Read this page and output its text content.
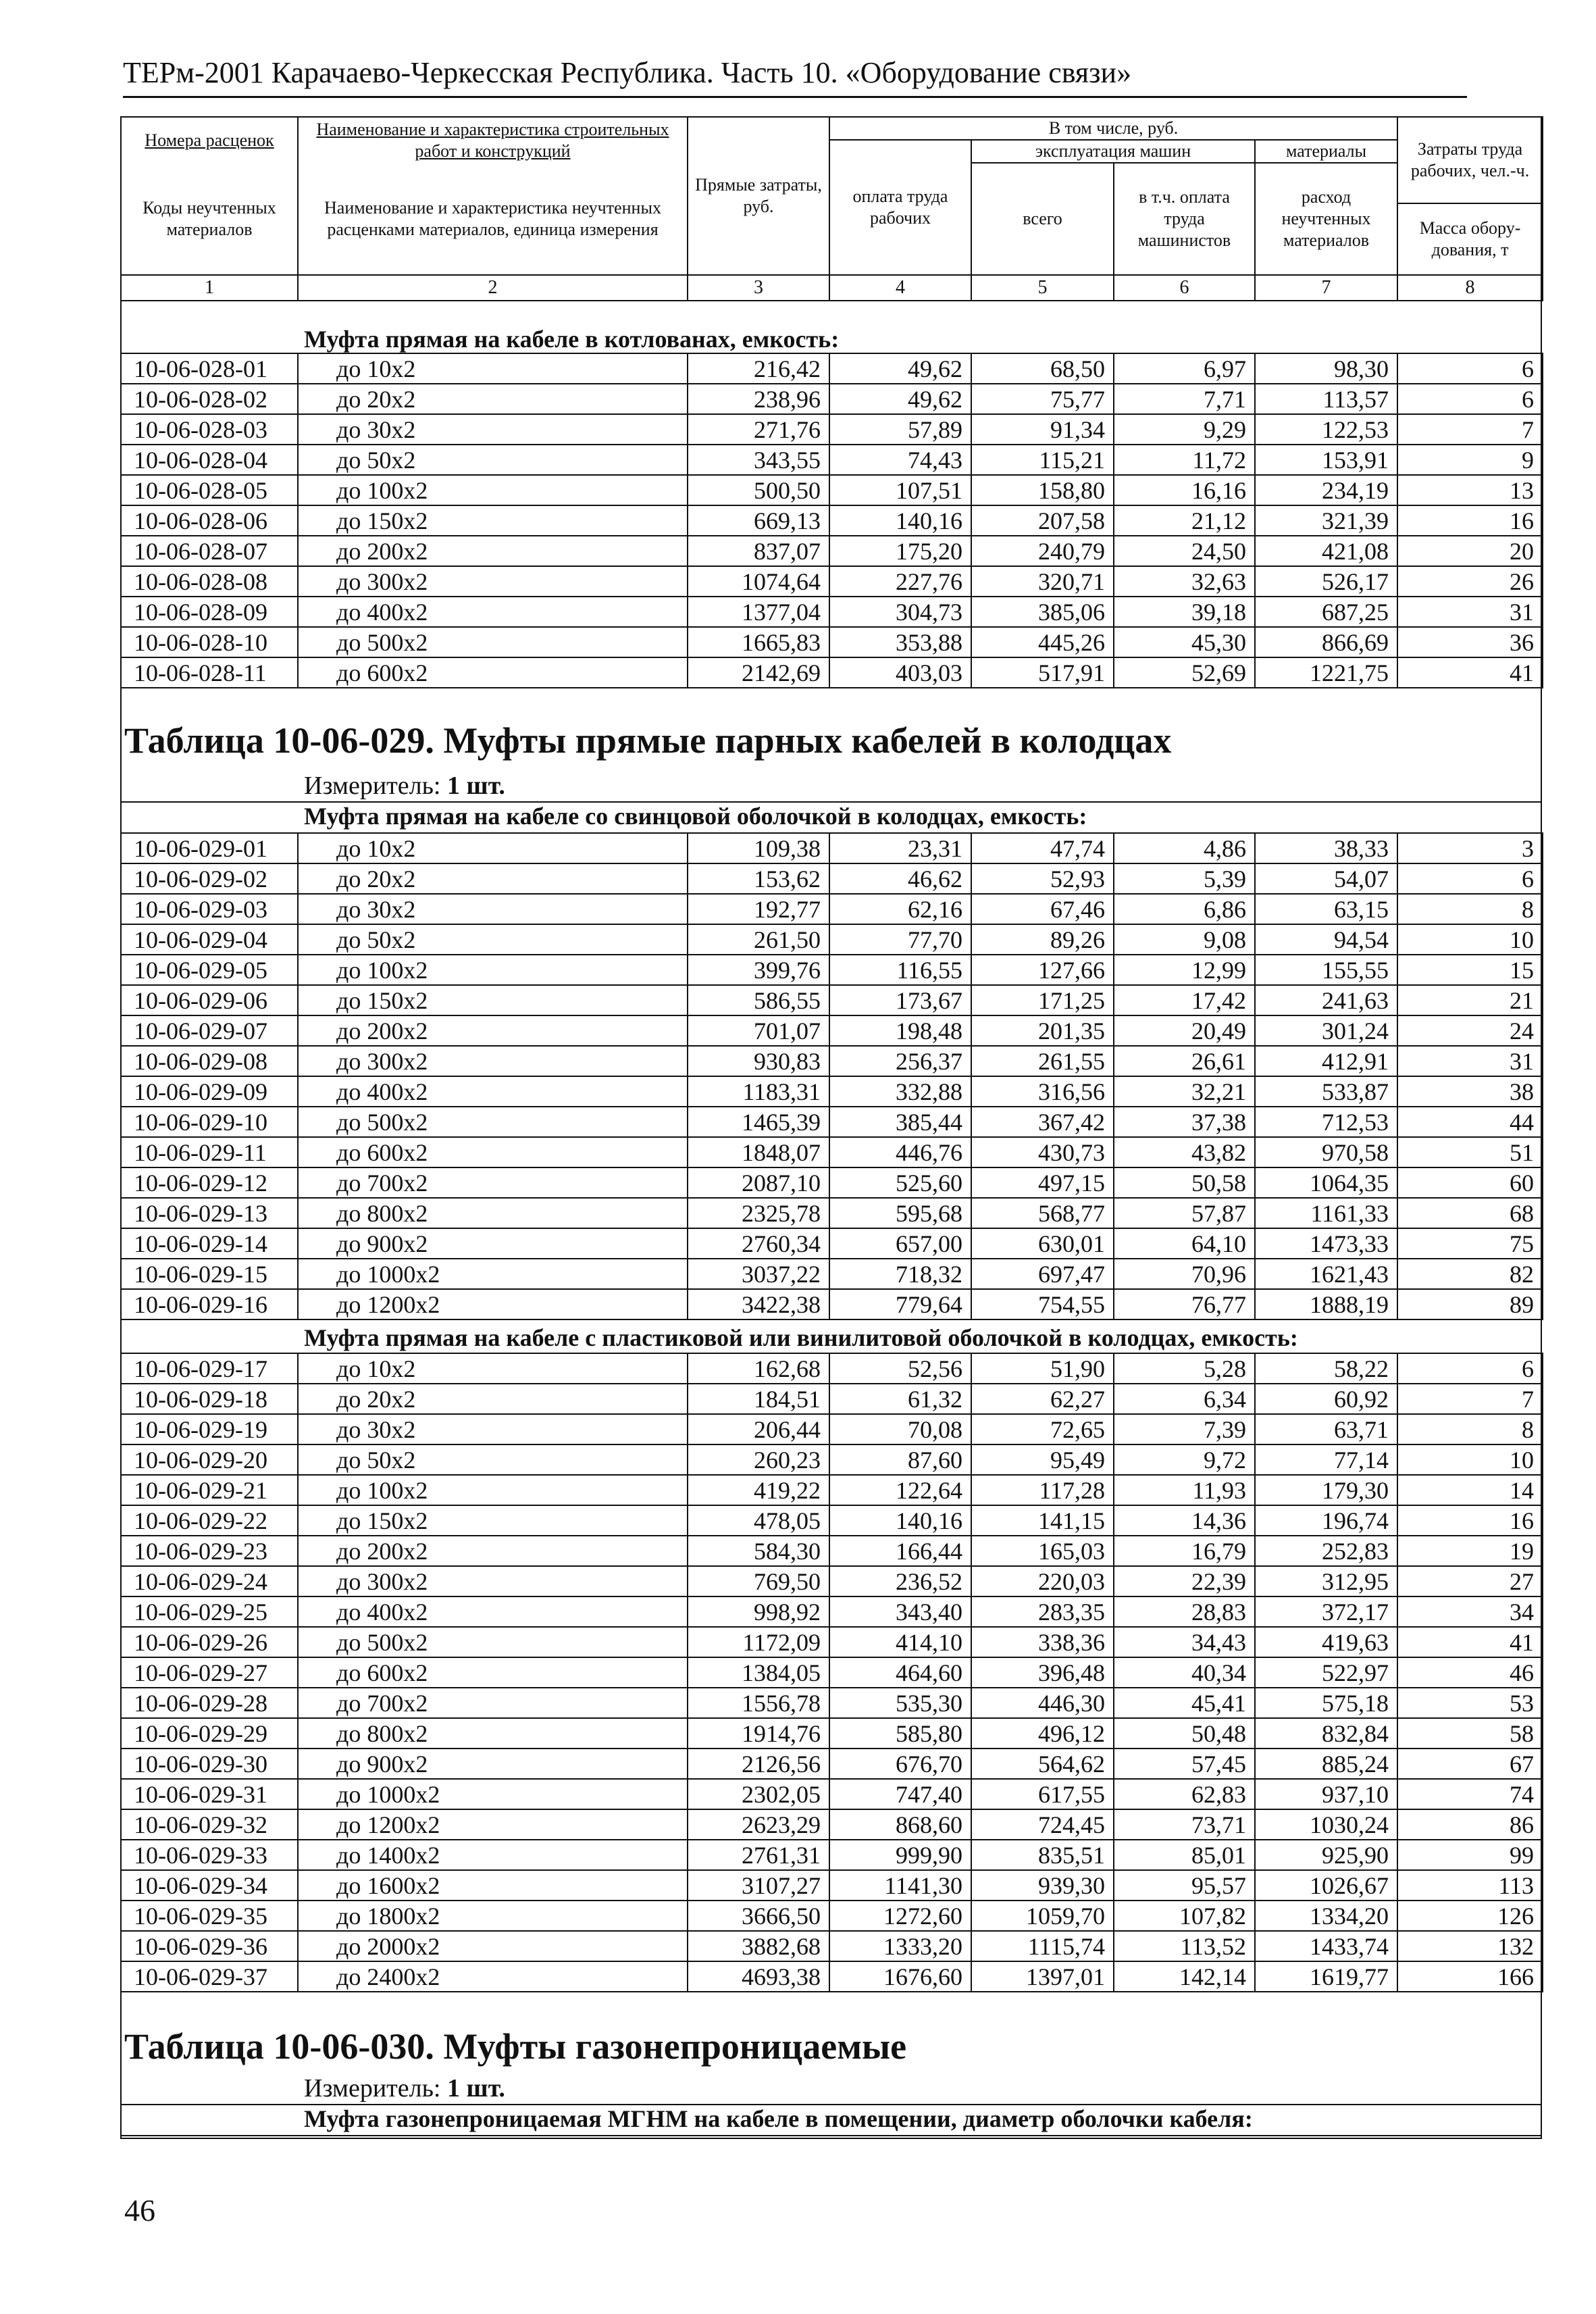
ТЕРм-2001 Карачаево-Черкесская Республика. Часть 10. «Оборудование связи»
Номера расценок	Наименование и характеристика строительных работ и конструкций	Прямые затраты, руб.	В том числе, руб.				Затраты труда рабочих, чел.-ч.
			оплата труда рабочих	эксплуатация машин		материалы	
Коды неучтенных материалов	Наименование и характеристика неучтенных расценками материалов, единица измерения			всего	в т.ч. оплата труда машинистов	расход неучтенных материалов	
							Масса обору-дования, т
1	2	3	4	5	6	7	8
Муфта прямая на кабеле в котлованах, емкость:
10-06-028-01	до 10х2	216,42	49,62	68,50	6,97	98,30	6
10-06-028-02	до 20х2	238,96	49,62	75,77	7,71	113,57	6
10-06-028-03	до 30х2	271,76	57,89	91,34	9,29	122,53	7
10-06-028-04	до 50х2	343,55	74,43	115,21	11,72	153,91	9
10-06-028-05	до 100х2	500,50	107,51	158,80	16,16	234,19	13
10-06-028-06	до 150х2	669,13	140,16	207,58	21,12	321,39	16
10-06-028-07	до 200х2	837,07	175,20	240,79	24,50	421,08	20
10-06-028-08	до 300х2	1074,64	227,76	320,71	32,63	526,17	26
10-06-028-09	до 400х2	1377,04	304,73	385,06	39,18	687,25	31
10-06-028-10	до 500х2	1665,83	353,88	445,26	45,30	866,69	36
10-06-028-11	до 600х2	2142,69	403,03	517,91	52,69	1221,75	41
Таблица 10-06-029. Муфты прямые парных кабелей в колодцах
Измеритель: 1 шт.
Муфта прямая на кабеле со свинцовой оболочкой в колодцах, емкость:
10-06-029-01	до 10х2	109,38	23,31	47,74	4,86	38,33	3
10-06-029-02	до 20х2	153,62	46,62	52,93	5,39	54,07	6
10-06-029-03	до 30х2	192,77	62,16	67,46	6,86	63,15	8
10-06-029-04	до 50х2	261,50	77,70	89,26	9,08	94,54	10
10-06-029-05	до 100х2	399,76	116,55	127,66	12,99	155,55	15
10-06-029-06	до 150х2	586,55	173,67	171,25	17,42	241,63	21
10-06-029-07	до 200х2	701,07	198,48	201,35	20,49	301,24	24
10-06-029-08	до 300х2	930,83	256,37	261,55	26,61	412,91	31
10-06-029-09	до 400х2	1183,31	332,88	316,56	32,21	533,87	38
10-06-029-10	до 500х2	1465,39	385,44	367,42	37,38	712,53	44
10-06-029-11	до 600х2	1848,07	446,76	430,73	43,82	970,58	51
10-06-029-12	до 700х2	2087,10	525,60	497,15	50,58	1064,35	60
10-06-029-13	до 800х2	2325,78	595,68	568,77	57,87	1161,33	68
10-06-029-14	до 900х2	2760,34	657,00	630,01	64,10	1473,33	75
10-06-029-15	до 1000х2	3037,22	718,32	697,47	70,96	1621,43	82
10-06-029-16	до 1200х2	3422,38	779,64	754,55	76,77	1888,19	89
Муфта прямая на кабеле с пластиковой или винилитовой оболочкой в колодцах, емкость:
10-06-029-17	до 10х2	162,68	52,56	51,90	5,28	58,22	6
10-06-029-18	до 20х2	184,51	61,32	62,27	6,34	60,92	7
10-06-029-19	до 30х2	206,44	70,08	72,65	7,39	63,71	8
10-06-029-20	до 50х2	260,23	87,60	95,49	9,72	77,14	10
10-06-029-21	до 100х2	419,22	122,64	117,28	11,93	179,30	14
10-06-029-22	до 150х2	478,05	140,16	141,15	14,36	196,74	16
10-06-029-23	до 200х2	584,30	166,44	165,03	16,79	252,83	19
10-06-029-24	до 300х2	769,50	236,52	220,03	22,39	312,95	27
10-06-029-25	до 400х2	998,92	343,40	283,35	28,83	372,17	34
10-06-029-26	до 500х2	1172,09	414,10	338,36	34,43	419,63	41
10-06-029-27	до 600х2	1384,05	464,60	396,48	40,34	522,97	46
10-06-029-28	до 700х2	1556,78	535,30	446,30	45,41	575,18	53
10-06-029-29	до 800х2	1914,76	585,80	496,12	50,48	832,84	58
10-06-029-30	до 900х2	2126,56	676,70	564,62	57,45	885,24	67
10-06-029-31	до 1000х2	2302,05	747,40	617,55	62,83	937,10	74
10-06-029-32	до 1200х2	2623,29	868,60	724,45	73,71	1030,24	86
10-06-029-33	до 1400х2	2761,31	999,90	835,51	85,01	925,90	99
10-06-029-34	до 1600х2	3107,27	1141,30	939,30	95,57	1026,67	113
10-06-029-35	до 1800х2	3666,50	1272,60	1059,70	107,82	1334,20	126
10-06-029-36	до 2000х2	3882,68	1333,20	1115,74	113,52	1433,74	132
10-06-029-37	до 2400х2	4693,38	1676,60	1397,01	142,14	1619,77	166
Таблица 10-06-030. Муфты газонепроницаемые
Измеритель: 1 шт.
Муфта газонепроницаемая МГНМ на кабеле в помещении, диаметр оболочки кабеля:
46
